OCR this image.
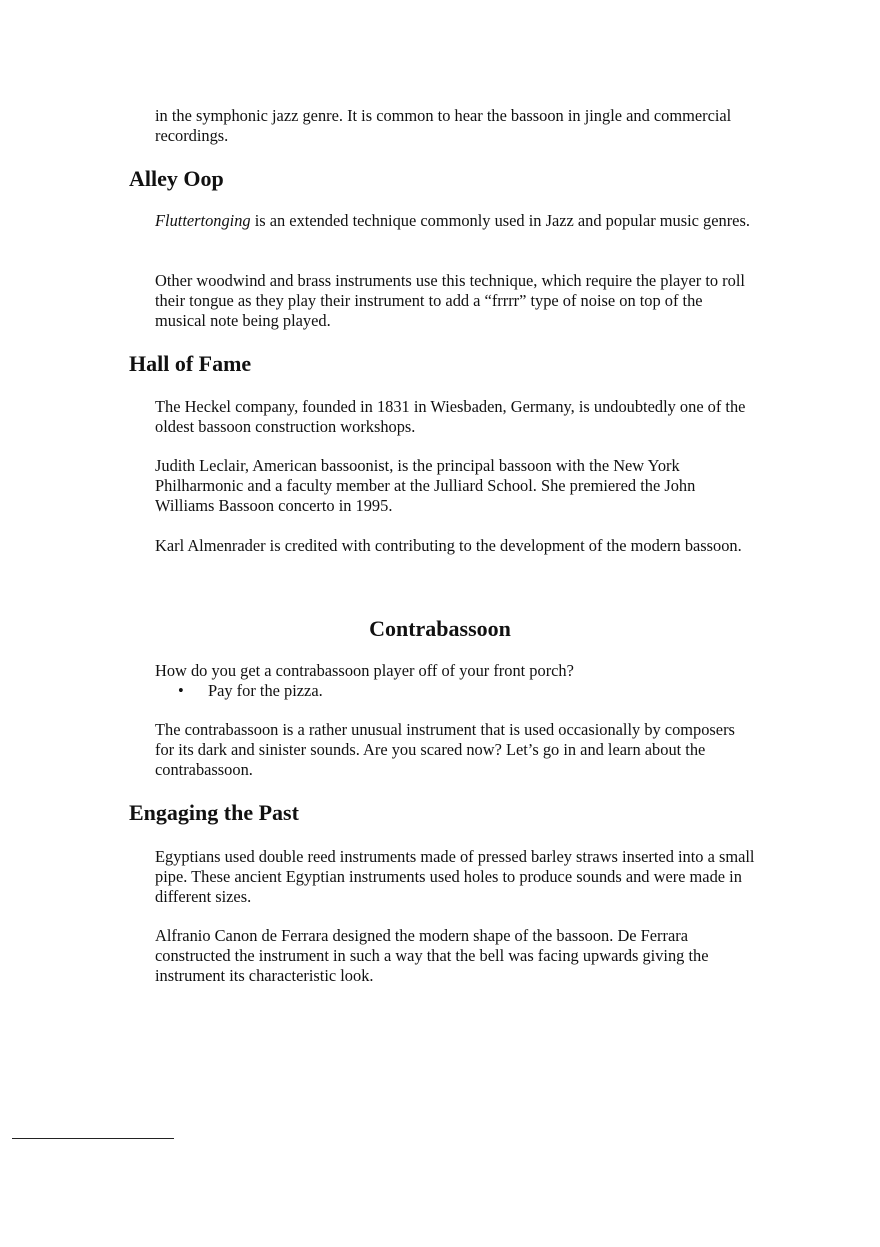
in the symphonic jazz genre. It is common to hear the bassoon in jingle and commercial recordings.

Alley Oop

Fluttertonging is an extended technique commonly used in Jazz and popular music genres.

Other woodwind and brass instruments use this technique, which require the player to roll their tongue as they play their instrument to add a “frrrr” type of noise on top of the musical note being played.

Hall of Fame

The Heckel company, founded in 1831 in Wiesbaden, Germany, is undoubtedly one of the oldest bassoon construction workshops.

Judith Leclair, American bassoonist, is the principal bassoon with the New York Philharmonic and a faculty member at the Julliard School. She premiered the John Williams Bassoon concerto in 1995.

Karl Almenrader is credited with contributing to the development of the modern bassoon.

Contrabassoon

How do you get a contrabassoon player off of your front porch?

• Pay for the pizza.

The contrabassoon is a rather unusual instrument that is used occasionally by composers for its dark and sinister sounds. Are you scared now? Let’s go in and learn about the contrabassoon.

Engaging the Past

Egyptians used double reed instruments made of pressed barley straws inserted into a small pipe. These ancient Egyptian instruments used holes to produce sounds and were made in different sizes.

Alfranio Canon de Ferrara designed the modern shape of the bassoon. De Ferrara constructed the instrument in such a way that the bell was facing upwards giving the instrument its characteristic look.
